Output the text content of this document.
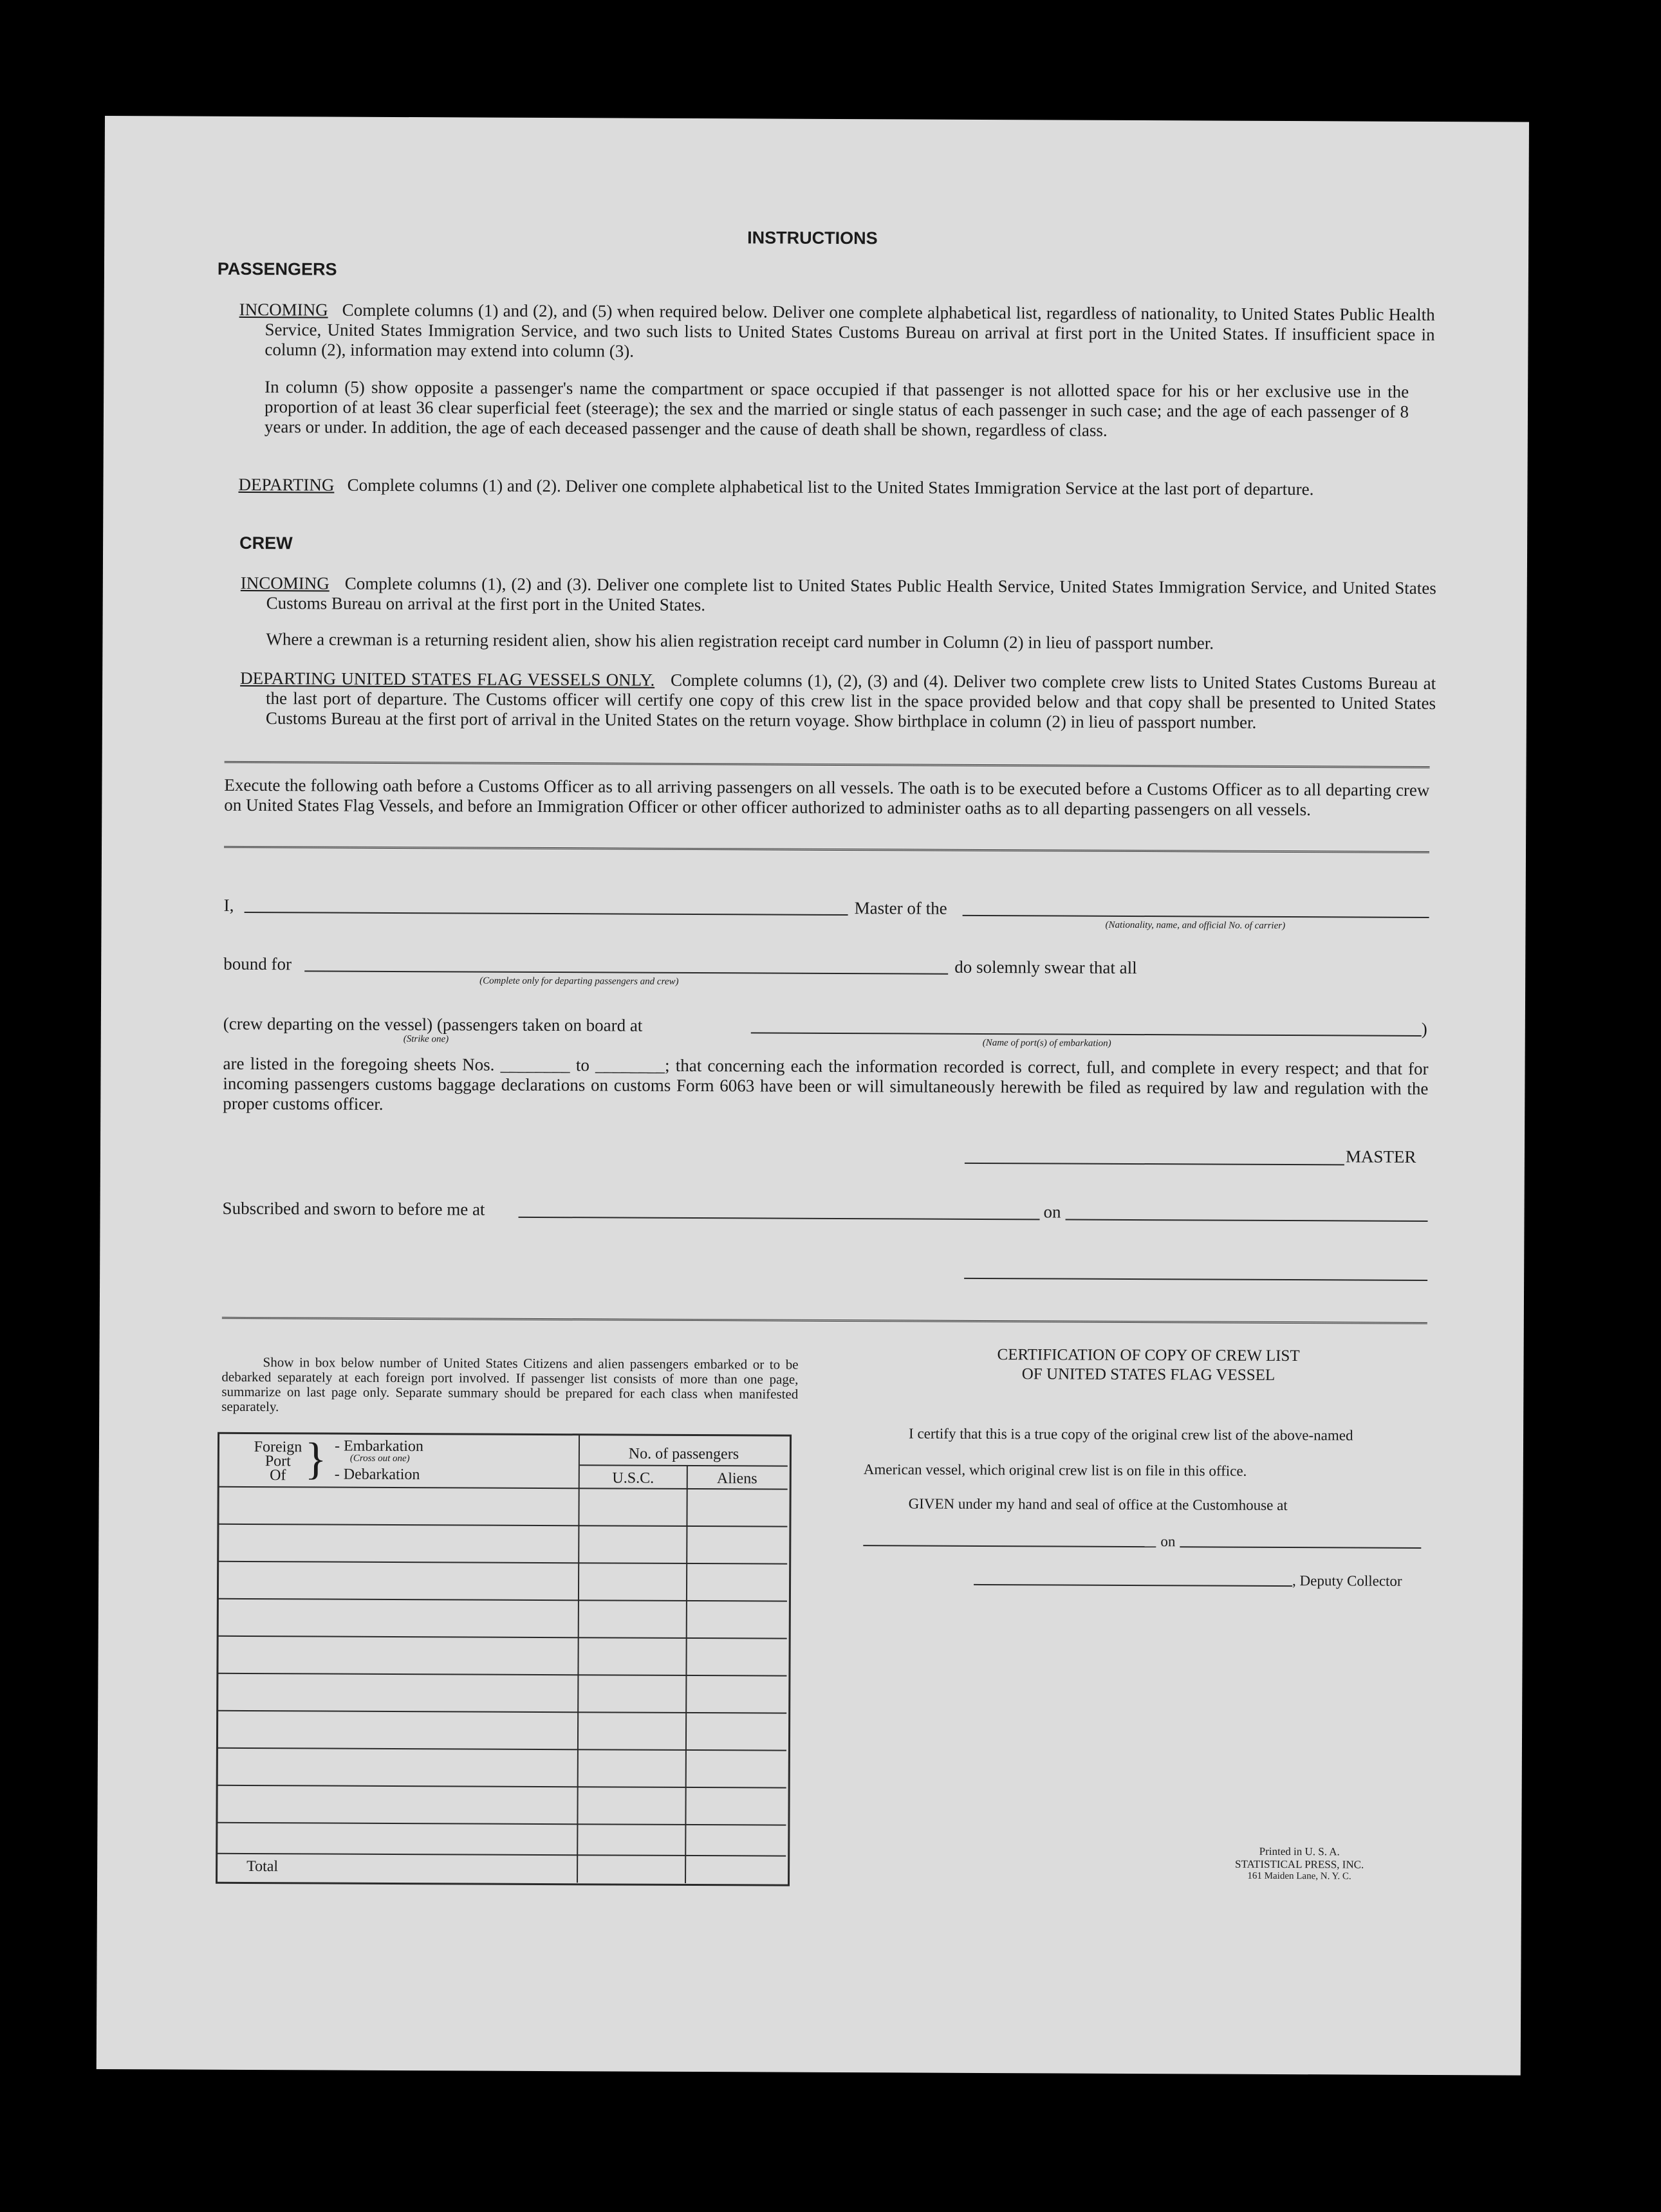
INSTRUCTIONS
PASSENGERS
INCOMING Complete columns (1) and (2), and (5) when required below. Deliver one complete alphabetical list, regardless of nationality, to United States Public Health Service, United States Immigration Service, and two such lists to United States Customs Bureau on arrival at first port in the United States. If insufficient space in column (2), information may extend into column (3).
In column (5) show opposite a passenger's name the compartment or space occupied if that passenger is not allotted space for his or her exclusive use in the proportion of at least 36 clear superficial feet (steerage); the sex and the married or single status of each passenger in such case; and the age of each passenger of 8 years or under. In addition, the age of each deceased passenger and the cause of death shall be shown, regardless of class.
DEPARTING Complete columns (1) and (2). Deliver one complete alphabetical list to the United States Immigration Service at the last port of departure.
CREW
INCOMING Complete columns (1), (2) and (3). Deliver one complete list to United States Public Health Service, United States Immigration Service, and United States Customs Bureau on arrival at the first port in the United States.
Where a crewman is a returning resident alien, show his alien registration receipt card number in Column (2) in lieu of passport number.
DEPARTING UNITED STATES FLAG VESSELS ONLY. Complete columns (1), (2), (3) and (4). Deliver two complete crew lists to United States Customs Bureau at the last port of departure. The Customs officer will certify one copy of this crew list in the space provided below and that copy shall be presented to United States Customs Bureau at the first port of arrival in the United States on the return voyage. Show birthplace in column (2) in lieu of passport number.
Execute the following oath before a Customs Officer as to all arriving passengers on all vessels. The oath is to be executed before a Customs Officer as to all departing crew on United States Flag Vessels, and before an Immigration Officer or other officer authorized to administer oaths as to all departing passengers on all vessels.
I,	Master of the
(Nationality, name, and official No. of carrier)
bound for
(Complete only for departing passengers and crew)
do solemnly swear that all
(crew departing on the vessel) (passengers taken on board at
(Strike one)	(Name of port(s) of embarkation)
)
are listed in the foregoing sheets Nos. ________ to ________; that concerning each the information recorded is correct, full, and complete in every respect; and that for incoming passengers customs baggage declarations on customs Form 6063 have been or will simultaneously herewith be filed as required by law and regulation with the proper customs officer.
MASTER
Subscribed and sworn to before me at	on
Show in box below number of United States Citizens and alien passengers embarked or to be debarked separately at each foreign port involved. If passenger list consists of more than one page, summarize on last page only. Separate summary should be prepared for each class when manifested separately.
Foreign
Port
Of } - Embarkation
(Cross out one)
- Debarkation
No. of passengers
U.S.C.	Aliens
Total
CERTIFICATION OF COPY OF CREW LIST
OF UNITED STATES FLAG VESSEL
I certify that this is a true copy of the original crew list of the above-named
American vessel, which original crew list is on file in this office.
GIVEN under my hand and seal of office at the Customhouse at
on
, Deputy Collector
Printed in U. S. A.
STATISTICAL PRESS, INC.
161 Maiden Lane, N. Y. C.
